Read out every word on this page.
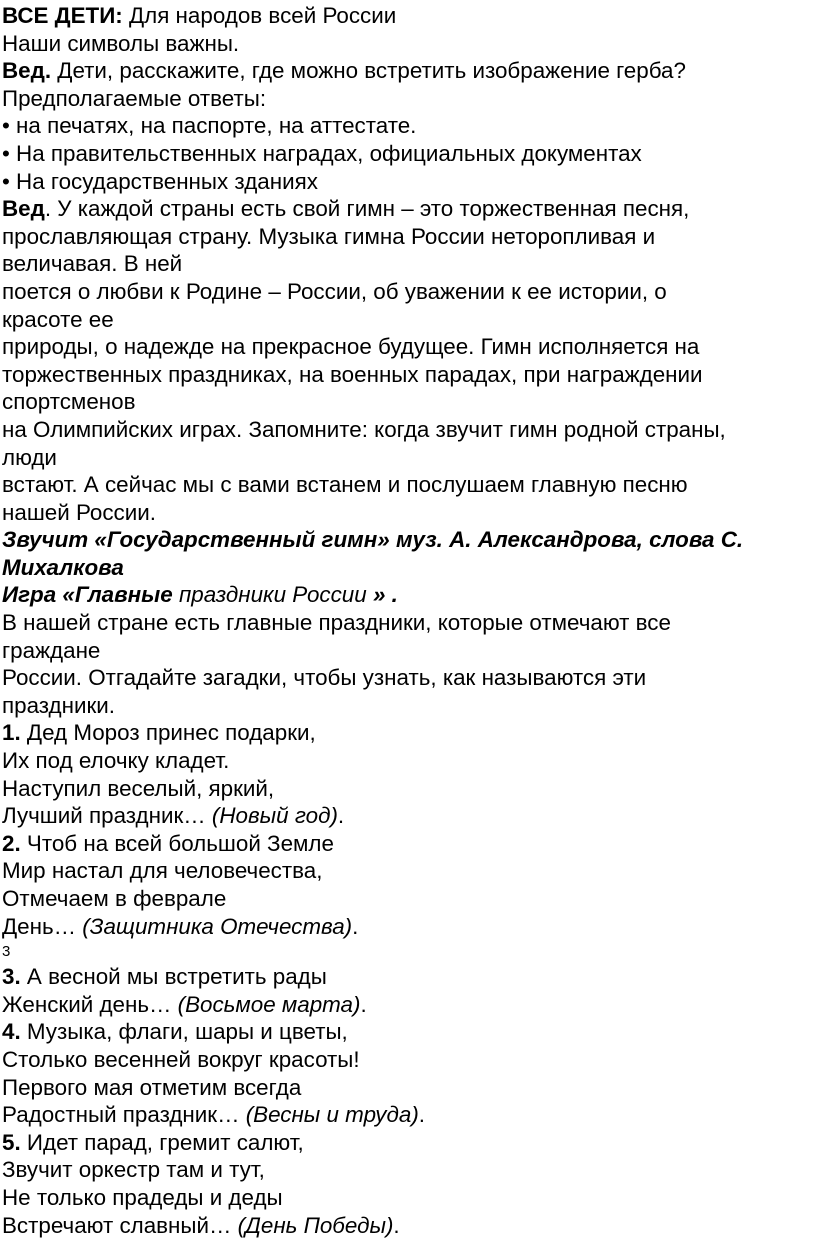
ВСЕ ДЕТИ: Для народов всей России

Наши символы важны.

Вед. Дети, расскажите, где можно встретить изображение герба?

Предполагаемые ответы:

• на печатях, на паспорте, на аттестате.

• На правительственных наградах, официальных документах

• На государственных зданиях

Вед. У каждой страны есть свой гимн – это торжественная песня,

прославляющая страну. Музыка гимна России неторопливая и

величавая. В ней

поется о любви к Родине – России, об уважении к ее истории, о

красоте ее

природы, о надежде на прекрасное будущее. Гимн исполняется на

торжественных праздниках, на военных парадах, при награждении

спортсменов

на Олимпийских играх. Запомните: когда звучит гимн родной страны,

люди

встают. А сейчас мы с вами встанем и послушаем главную песню

нашей России.

Звучит «Государственный гимн» муз. А. Александрова, слова С.

Михалкова

Игра «Главные праздники России » .

В нашей стране есть главные праздники, которые отмечают все

граждане

России. Отгадайте загадки, чтобы узнать, как называются эти

праздники.

1. Дед Мороз принес подарки,

Их под елочку кладет.

Наступил веселый, яркий,

Лучший праздник… (Новый год).

2. Чтоб на всей большой Земле

Мир настал для человечества,

Отмечаем в феврале

День… (Защитника Отечества).

3

3. А весной мы встретить рады

Женский день… (Восьмое марта).

4. Музыка, флаги, шары и цветы,

Столько весенней вокруг красоты!

Первого мая отметим всегда

Радостный праздник… (Весны и труда).

5. Идет парад, гремит салют,

Звучит оркестр там и тут,

Не только прадеды и деды

Встречают славный… (День Победы).
